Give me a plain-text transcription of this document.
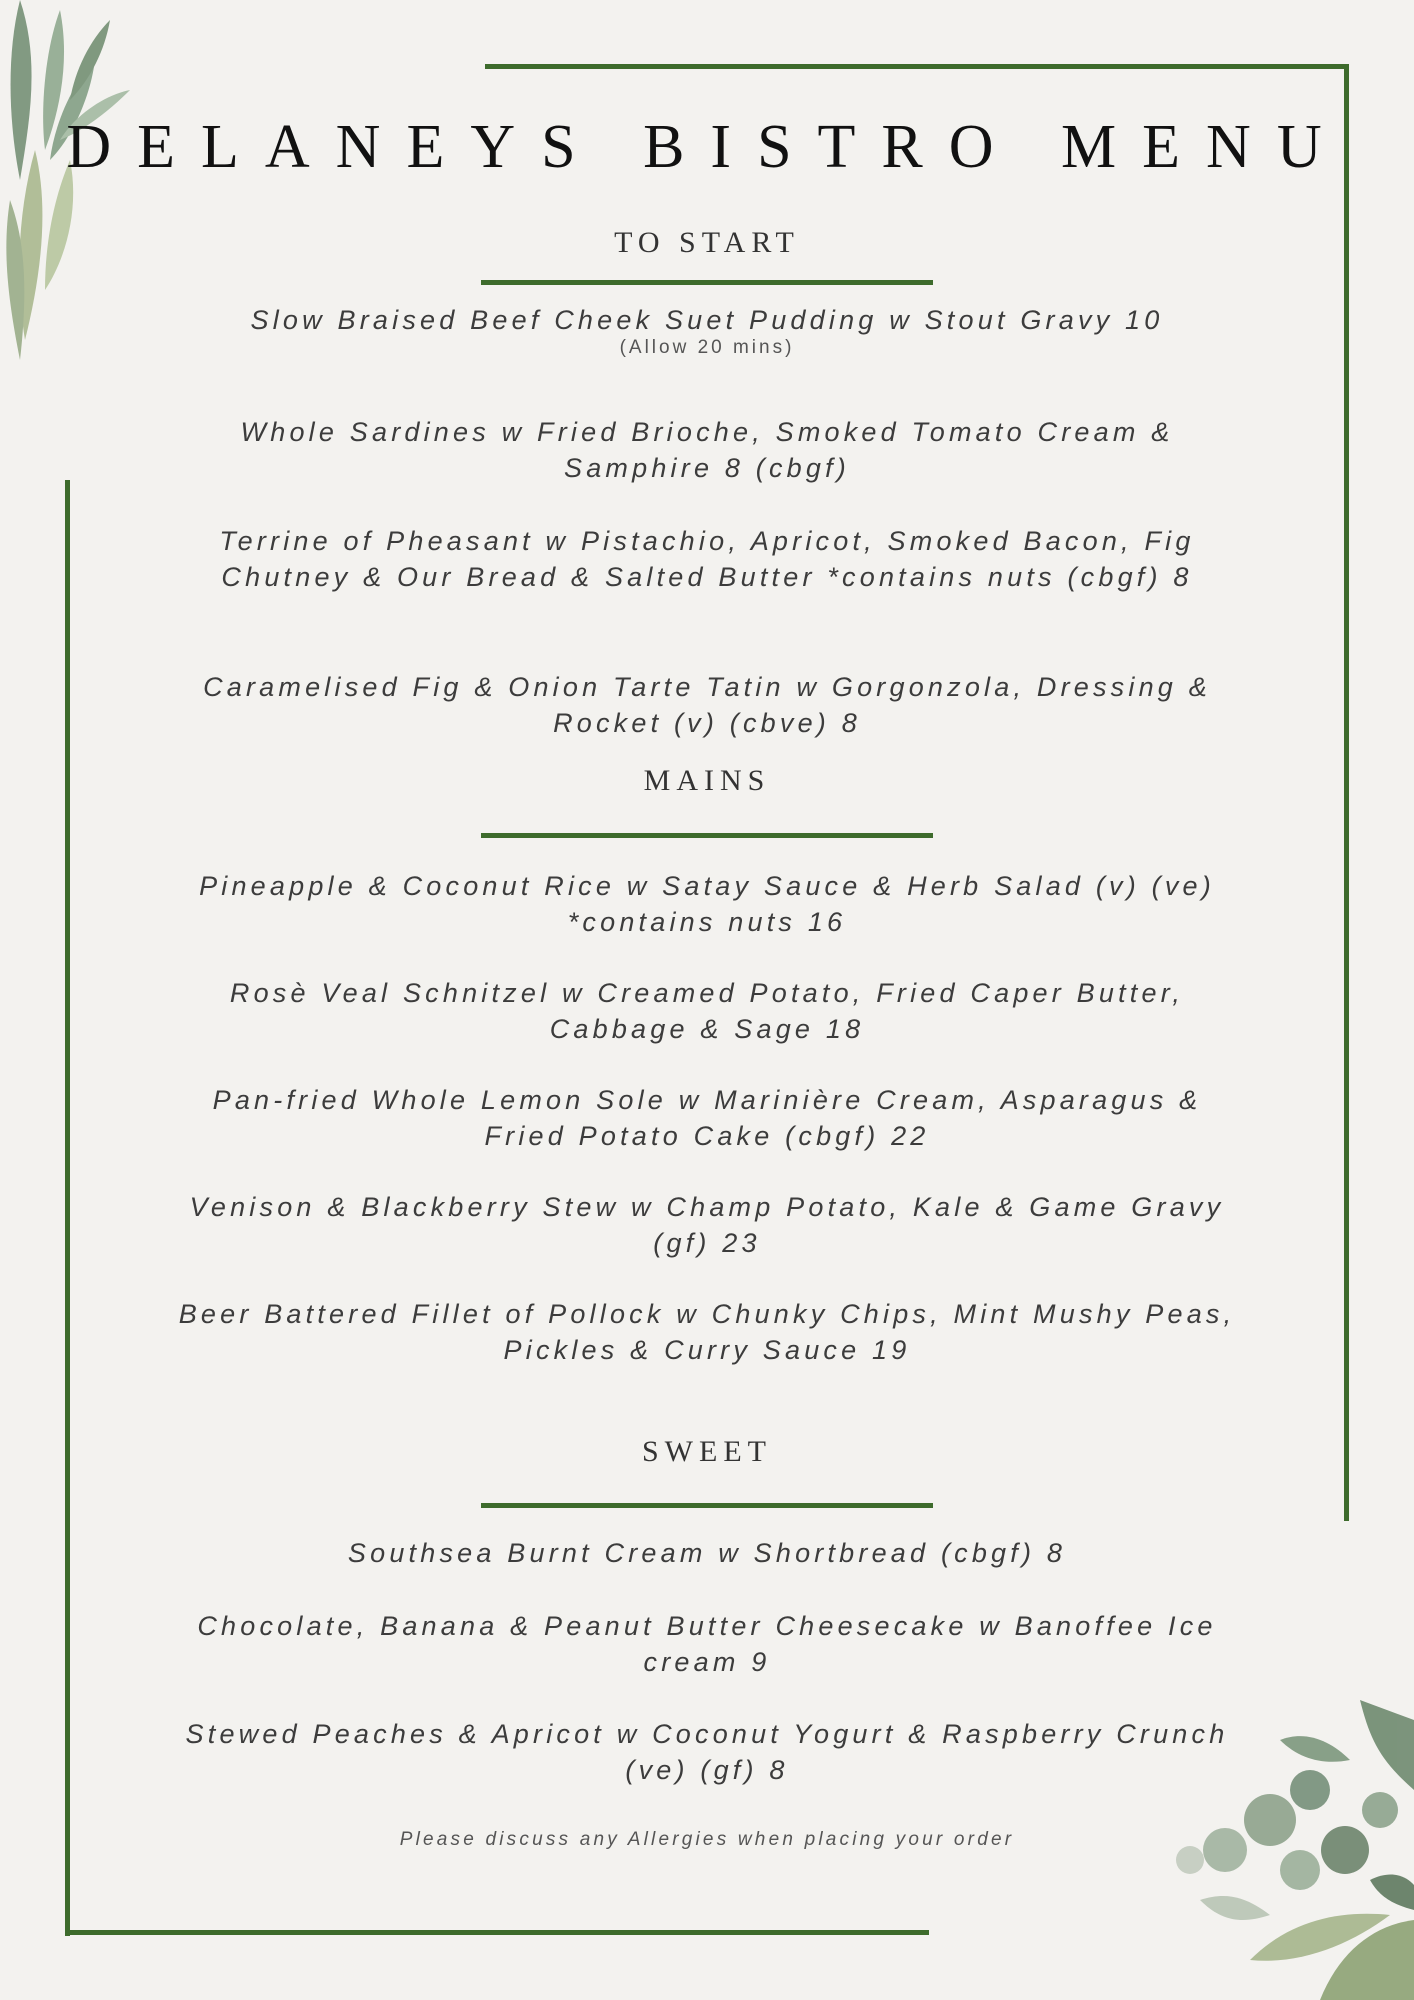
DELANEYS BISTRO MENU
TO START

Slow Braised Beef Cheek Suet Pudding w Stout Gravy 10

(Allow 20 mins)

Whole Sardines w Fried Brioche, Smoked Tomato Cream & Samphire 8 (cbgf)

Terrine of Pheasant w Pistachio, Apricot, Smoked Bacon, Fig Chutney & Our Bread & Salted Butter *contains nuts (cbgf) 8

Caramelised Fig & Onion Tarte Tatin w Gorgonzola, Dressing & Rocket (v) (cbve) 8

MAINS

Pineapple & Coconut Rice w Satay Sauce & Herb Salad (v) (ve) *contains nuts 16

Rosè Veal Schnitzel w Creamed Potato, Fried Caper Butter, Cabbage & Sage 18

Pan-fried Whole Lemon Sole w Marinière Cream, Asparagus & Fried Potato Cake (cbgf) 22

Venison & Blackberry Stew w Champ Potato, Kale & Game Gravy (gf) 23

Beer Battered Fillet of Pollock w Chunky Chips, Mint Mushy Peas, Pickles & Curry Sauce 19

SWEET

Southsea Burnt Cream w Shortbread (cbgf) 8

Chocolate, Banana & Peanut Butter Cheesecake w Banoffee Ice cream 9

Stewed Peaches & Apricot w Coconut Yogurt & Raspberry Crunch (ve) (gf) 8

Please discuss any Allergies when placing your order
